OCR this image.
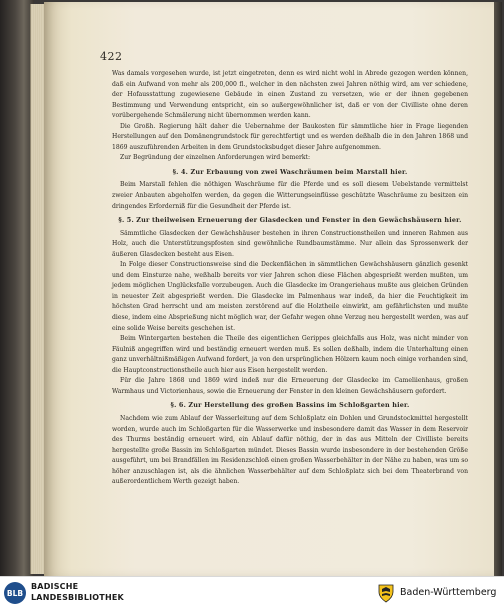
422

Was damals vorgesehen wurde, ist jetzt eingetreten, denn es wird nicht wohl in Abrede gezogen werden können, daß ein Aufwand von mehr als 200,000 fl., welcher in den nächsten zwei Jahren nöthig wird, am ver schiedene, der Hofausstattung zugewiesene Gebäude in einen Zustand zu versetzen, wie er der ihnen gegebenen Bestimmung und Verwendung entspricht, ein so außergewöhnlicher ist, daß er von der Civilliste ohne deren vorübergehende Schmälerung nicht übernommen werden kann.

Die Großh. Regierung hält daher die Uebernahme der Baukosten für sämmtliche hier in Frage liegenden Herstellungen auf den Domänengrundstock für gerechtfertigt und es werden deßhalb die in den Jahren 1868 und 1869 auszuführenden Arbeiten in dem Grundstocksbudget dieser Jahre aufgenommen.

Zur Begründung der einzelnen Anforderungen wird bemerkt:

§. 4. Zur Erbauung von zwei Waschräumen beim Marstall hier.

Beim Marstall fehlen die nöthigen Waschräume für die Pferde und es soll diesem Uebelstande vermittelst zweier Anbauten abgeholfen werden, da gegen die Witterungseinflüsse geschützte Waschräume zu besitzen ein dringendes Erforderniß für die Gesundheit der Pferde ist.

§. 5. Zur theilweisen Erneuerung der Glasdecken und Fenster in den Gewächshäusern hier.

Sämmtliche Glasdecken der Gewächshäuser bestehen in ihren Constructionstheilen und inneren Rahmen aus Holz, auch die Unterstützungspfosten sind gewöhnliche Rundbaumstämme. Nur allein das Sprossenwerk der äußeren Glasdecken besteht aus Eisen.

In Folge dieser Constructionsweise sind die Deckenflächen in sämmtlichen Gewächshäusern gänzlich gesenkt und dem Einsturze nahe, weßhalb bereits vor vier Jahren schon diese Flächen abgesprießt werden mußten, um jedem möglichen Unglücksfalle vorzubeugen. Auch die Glasdecke im Orangeriehaus mußte aus gleichen Gründen in neuester Zeit abgesprießt werden. Die Glasdecke im Palmenhaus war indeß, da hier die Feuchtigkeit im höchsten Grad herrscht und am meisten zerstörend auf die Holztheile einwirkt, am gefährlichsten und mußte diese, indem eine Absprießung nicht möglich war, der Gefahr wegen ohne Verzug neu hergestellt werden, was auf eine solide Weise bereits geschehen ist.

Beim Wintergarten bestehen die Theile des eigentlichen Gerippes gleichfalls aus Holz, was nicht minder von Fäulniß angegriffen wird und beständig erneuert werden muß. Es sollen deßhalb, indem die Unterhaltung einen ganz unverhältnißmäßigen Aufwand fordert, ja von den ursprünglichen Hölzern kaum noch einige vorhanden sind, die Hauptconstructionstheile auch hier aus Eisen hergestellt werden.

Für die Jahre 1868 und 1869 wird indeß nur die Erneuerung der Glasdecke im Cameliienhaus, großen Warmhaus und Victorienhaus, sowie die Erneuerung der Fenster in den kleinen Gewächshäusern gefordert.

§. 6. Zur Herstellung des großen Bassins im Schloßgarten hier.

Nachdem wie zum Ablauf der Wasserleitung auf dem Schloßplatz ein Dohlen und Grundstockmittel hergestellt worden, wurde auch im Schloßgarten für die Wasserwerke und insbesondere damit das Wasser in dem Reservoir des Thurms beständig erneuert wird, ein Ablauf dafür nöthig, der in das aus Mitteln der Civilliste bereits hergestellte große Bassin im Schloßgarten mündet. Dieses Bassin wurde insbesondere in der bestehenden Größe ausgeführt, um bei Brandfällen im Residenzschloß einen großen Wasserbehälter in der Nähe zu haben, was um so höher anzuschlagen ist, als die ähnlichen Wasserbehälter auf dem Schloßplatz sich bei dem Theaterbrand von außerordentlichem Werth gezeigt haben.

BLB
BADISCHE
LANDESBIBLIOTHEK	Baden-Württemberg
